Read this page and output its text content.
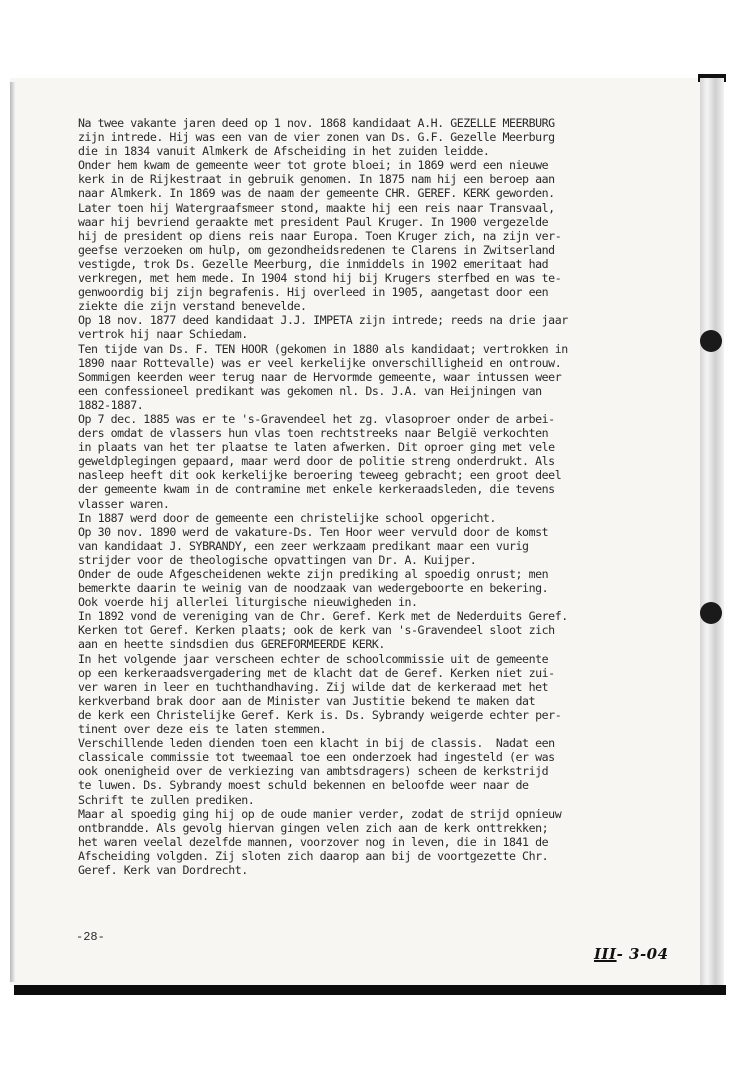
Na twee vakante jaren deed op 1 nov. 1868 kandidaat A.H. GEZELLE MEERBURG
zijn intrede. Hij was een van de vier zonen van Ds. G.F. Gezelle Meerburg
die in 1834 vanuit Almkerk de Afscheiding in het zuiden leidde.
Onder hem kwam de gemeente weer tot grote bloei; in 1869 werd een nieuwe
kerk in de Rijkestraat in gebruik genomen. In 1875 nam hij een beroep aan
naar Almkerk. In 1869 was de naam der gemeente CHR. GEREF. KERK geworden.
Later toen hij Watergraafsmeer stond, maakte hij een reis naar Transvaal,
waar hij bevriend geraakte met president Paul Kruger. In 1900 vergezelde
hij de president op diens reis naar Europa. Toen Kruger zich, na zijn ver-
geefse verzoeken om hulp, om gezondheidsredenen te Clarens in Zwitserland
vestigde, trok Ds. Gezelle Meerburg, die inmiddels in 1902 emeritaat had
verkregen, met hem mede. In 1904 stond hij bij Krugers sterfbed en was te-
genwoordig bij zijn begrafenis. Hij overleed in 1905, aangetast door een
ziekte die zijn verstand benevelde.
Op 18 nov. 1877 deed kandidaat J.J. IMPETA zijn intrede; reeds na drie jaar
vertrok hij naar Schiedam.
Ten tijde van Ds. F. TEN HOOR (gekomen in 1880 als kandidaat; vertrokken in
1890 naar Rottevalle) was er veel kerkelijke onverschilligheid en ontrouw.
Sommigen keerden weer terug naar de Hervormde gemeente, waar intussen weer
een confessioneel predikant was gekomen nl. Ds. J.A. van Heijningen van
1882-1887.
Op 7 dec. 1885 was er te 's-Gravendeel het zg. vlasoproer onder de arbei-
ders omdat de vlassers hun vlas toen rechtstreeks naar België verkochten
in plaats van het ter plaatse te laten afwerken. Dit oproer ging met vele
geweldplegingen gepaard, maar werd door de politie streng onderdrukt. Als
nasleep heeft dit ook kerkelijke beroering teweeg gebracht; een groot deel
der gemeente kwam in de contramine met enkele kerkeraadsleden, die tevens
vlasser waren.
In 1887 werd door de gemeente een christelijke school opgericht.
Op 30 nov. 1890 werd de vakature-Ds. Ten Hoor weer vervuld door de komst
van kandidaat J. SYBRANDY, een zeer werkzaam predikant maar een vurig
strijder voor de theologische opvattingen van Dr. A. Kuijper.
Onder de oude Afgescheidenen wekte zijn prediking al spoedig onrust; men
bemerkte daarin te weinig van de noodzaak van wedergeboorte en bekering.
Ook voerde hij allerlei liturgische nieuwigheden in.
In 1892 vond de vereniging van de Chr. Geref. Kerk met de Nederduits Geref.
Kerken tot Geref. Kerken plaats; ook de kerk van 's-Gravendeel sloot zich
aan en heette sindsdien dus GEREFORMEERDE KERK.
In het volgende jaar verscheen echter de schoolcommissie uit de gemeente
op een kerkeraadsvergadering met de klacht dat de Geref. Kerken niet zui-
ver waren in leer en tuchthandhaving. Zij wilde dat de kerkeraad met het
kerkverband brak door aan de Minister van Justitie bekend te maken dat
de kerk een Christelijke Geref. Kerk is. Ds. Sybrandy weigerde echter per-
tinent over deze eis te laten stemmen.
Verschillende leden dienden toen een klacht in bij de classis.  Nadat een
classicale commissie tot tweemaal toe een onderzoek had ingesteld (er was
ook onenigheid over de verkiezing van ambtsdragers) scheen de kerkstrijd
te luwen. Ds. Sybrandy moest schuld bekennen en beloofde weer naar de
Schrift te zullen prediken.
Maar al spoedig ging hij op de oude manier verder, zodat de strijd opnieuw
ontbrandde. Als gevolg hiervan gingen velen zich aan de kerk onttrekken;
het waren veelal dezelfde mannen, voorzover nog in leven, die in 1841 de
Afscheiding volgden. Zij sloten zich daarop aan bij de voortgezette Chr.
Geref. Kerk van Dordrecht.

-28-

III- 3-04
